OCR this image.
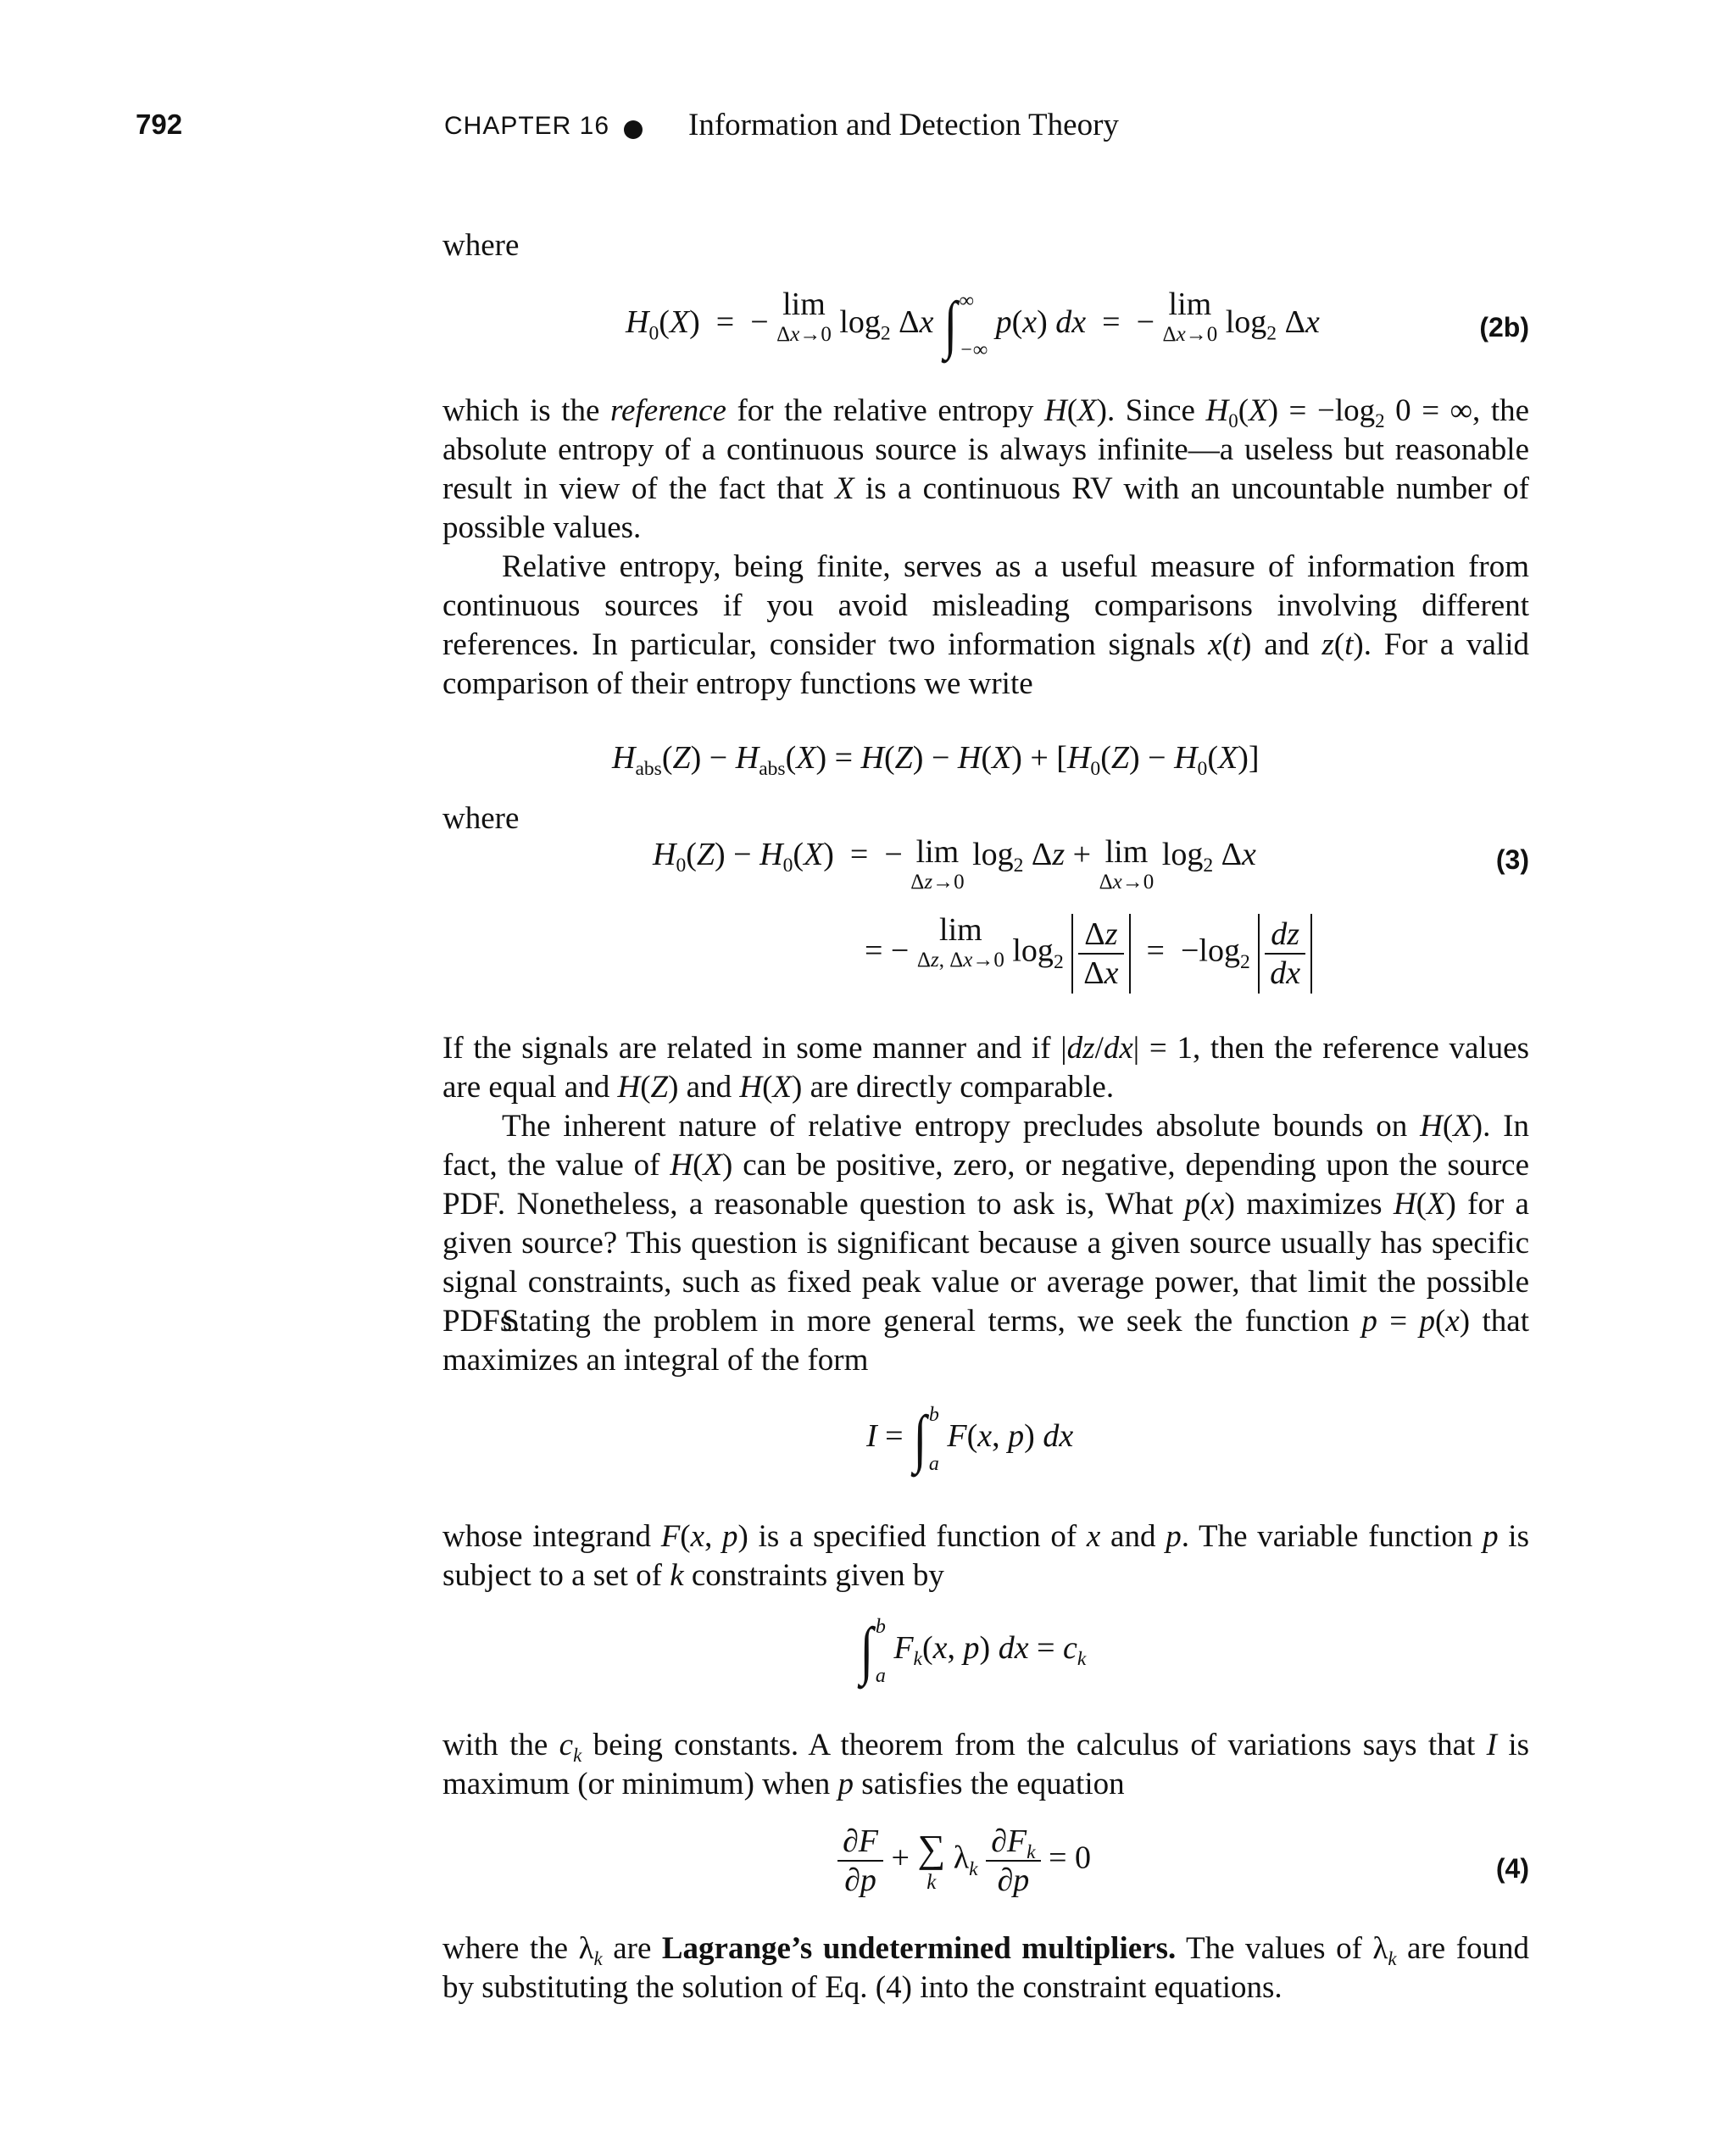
792	CHAPTER 16	Information and Detection Theory
where
$H_0(X)$  =  − lim
Δx→0 $\log_2 \Delta x$ ∫ ∞
−∞
p(x) dx  =  − lim
Δx→0 $\log_2 \Delta x$	(2b)
which is the reference for the relative entropy H(X). Since $H_0(X) = -\log_2$ 0 = ∞, the absolute entropy of a continuous source is always infinite—a useless but reasonable result in view of the fact that X is a continuous RV with an uncountable number of possible values.
Relative entropy, being finite, serves as a useful measure of information from continuous sources if you avoid misleading comparisons involving different references. In particular, consider two information signals x(t) and z(t). For a valid comparison of their entropy functions we write
$H_{abs}(Z) - H_{abs}(X) = H(Z) - H(X) + [H_0(Z) - H_0(X)]$
where
$H_0(Z) - H_0(X)$  =  − lim
Δz→0
$\log_2 \Delta z + \lim$
Δx→0
$\log_2 \Delta x$	(3)
= − lim
Δz, Δx→0 $\log_2 \frac{\Delta z}{\Delta x} = -\log_2 \frac{dz}{dx}$
If the signals are related in some manner and if |dz/dx| = 1, then the reference values are equal and H(Z) and H(X) are directly comparable.
The inherent nature of relative entropy precludes absolute bounds on H(X). In fact, the value of H(X) can be positive, zero, or negative, depending upon the source PDF. Nonetheless, a reasonable question to ask is, What p(x) maximizes H(X) for a given source? This question is significant because a given source usually has specific signal constraints, such as fixed peak value or average power, that limit the possible PDFs.
Stating the problem in more general terms, we seek the function p = p(x) that maximizes an integral of the form
I = ∫ b
a
F(x, p) dx
whose integrand F(x, p) is a specified function of x and p. The variable function p is subject to a set of k constraints given by
∫ b
a
$F_k(x$, p) dx = $c_k$
with the $c_k$ being constants. A theorem from the calculus of variations says that I is maximum (or minimum) when p satisfies the equation
$\frac{\partial F}{\partial p}$ + ∑
k
$\lambda_k \frac{\partial F_k}{\partial p} = 0$	(4)
where the $\lambda_k$ are Lagrange’s undetermined multipliers. The values of $\lambda_k$ are found by substituting the solution of Eq. (4) into the constraint equations.
